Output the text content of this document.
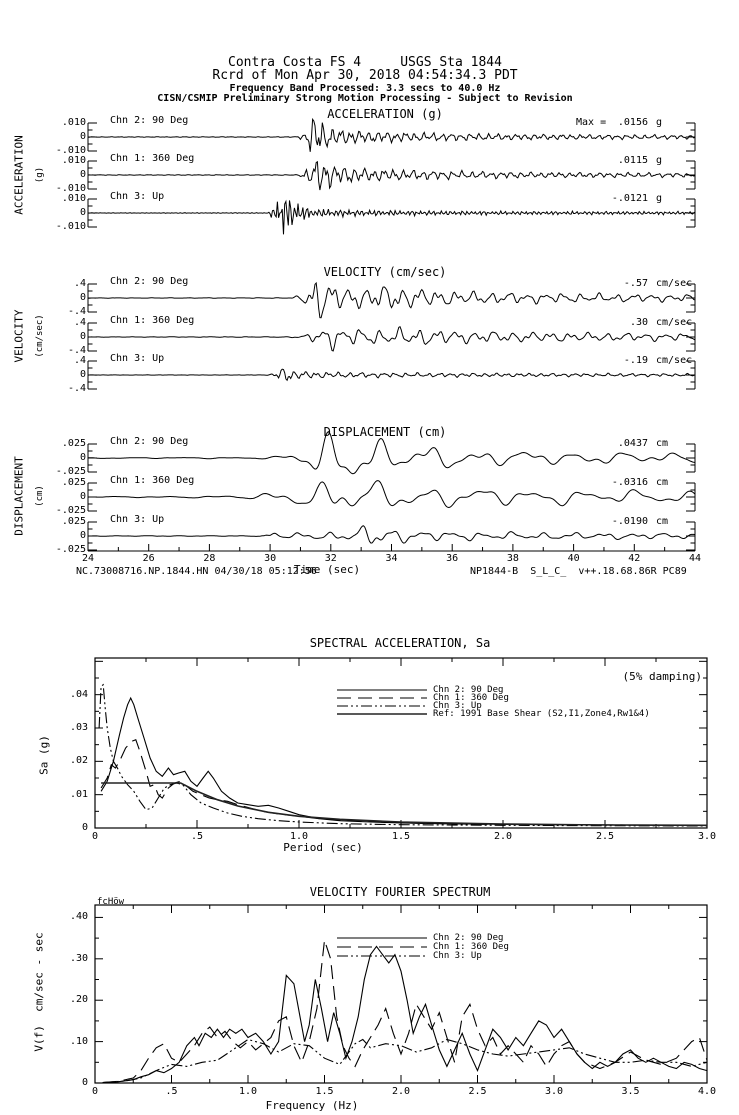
Contra Costa FS 4     USGS Sta 1844
Rcrd of Mon Apr 30, 2018 04:54:34.3 PDT
Frequency Band Processed: 3.3 secs to 40.0 Hz
CISN/CSMIP Preliminary Strong Motion Processing - Subject to Revision
ACCELERATION (g)
VELOCITY (cm/sec)
DISPLACEMENT (cm)
ACCELERATION (g)
VELOCITY (cm/sec)
DISPLACEMENT (cm)
NC.73008716.NP.1844.HN 04/30/18 05:12:56
Time (sec)	NP1844-B  S_L_C_  v++.18.68.86R PC89
SPECTRAL ACCELERATION, Sa
(5% damping)
Sa (g)
Period (sec)
VELOCITY FOURIER SPECTRUM
fcHöw
V(f)  cm/sec - sec
Frequency (Hz)
.010
0
-.010
Chn 2: 90 Deg	Max =	.0156 g
.010
0
-.010
Chn 1: 360 Deg	.0115 g
.010
0
-.010
Chn 3: Up	-.0121 g
.4
0
-.4
Chn 2: 90 Deg	-.57 cm/sec
.4
0
-.4
Chn 1: 360 Deg	.30 cm/sec
.4
0
-.4
Chn 3: Up	-.19 cm/sec
.025
0
-.025
Chn 2: 90 Deg	.0437 cm
.025
0
-.025
Chn 1: 360 Deg	-.0316 cm
.025
0
-.025
Chn 3: Up	-.0190 cm
24	26	28	30	32	34	36	38	40	42	44
0	.5	1.0	1.5	2.0	2.5	3.0
0
.01
.02
.03
.04	Chn 2: 90 Deg
Chn 1: 360 Deg
Chn 3: Up
Ref: 1991 Base Shear (S2,I1,Zone4,Rw1&4)
0	.5	1.0	1.5	2.0	2.5	3.0	3.5	4.0
0
.10
.20
.30
.40
Chn 2: 90 Deg
Chn 1: 360 Deg
Chn 3: Up
